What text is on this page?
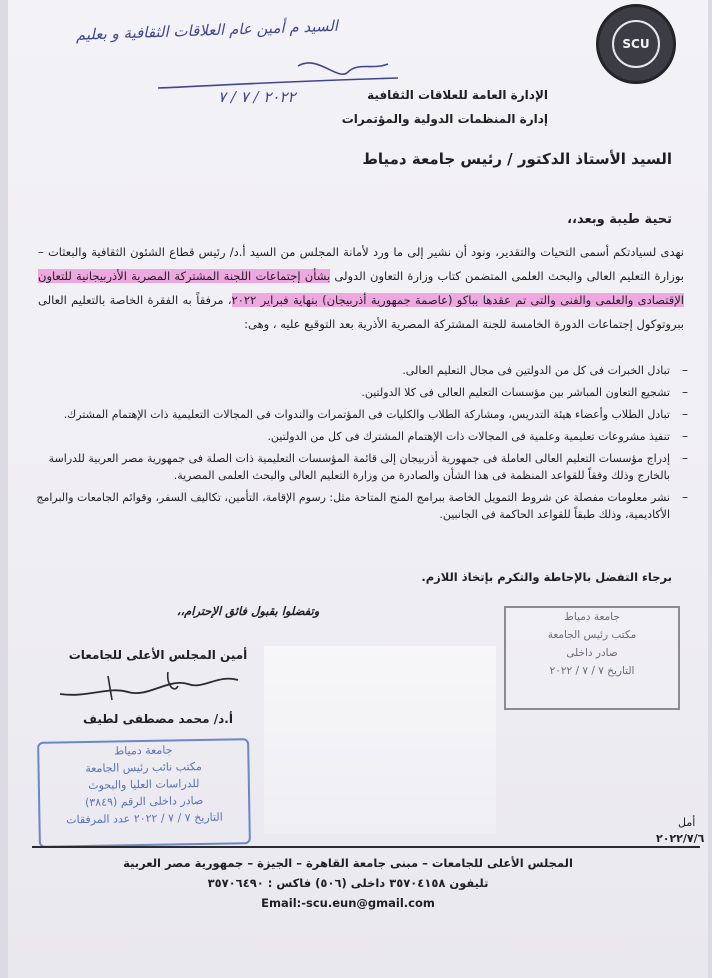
السيد م أمين عام العلاقات الثقافية و بعليم
٢٠٢٢ / ٧ / ٧
SCU
الإدارة العامة للعلاقات الثقافية
إدارة المنظمات الدولية والمؤتمرات
السيد الأستاذ الدكتور / رئيس جامعة دمياط
تحية طيبة وبعد،،
نهدى لسيادتكم أسمى التحيات والتقدير، ونود أن نشير إلى ما ورد لأمانة المجلس من السيد أ.د/ رئيس قطاع الشئون الثقافية والبعثات – بوزارة التعليم العالى والبحث العلمى المتضمن كتاب وزارة التعاون الدولى بشأن إجتماعات اللجنة المشتركة المصرية الأذربيجانية للتعاون الإقتصادى والعلمى والفنى والتى تم عقدها بباكو (عاصمة جمهورية أذربيجان) بنهاية فبراير ٢٠٢٢، مرفقاً به الفقرة الخاصة بالتعليم العالى ببروتوكول إجتماعات الدورة الخامسة للجنة المشتركة المصرية الأذرية بعد التوقيع عليه ، وهى:
–
تبادل الخبرات فى كل من الدولتين فى مجال التعليم العالى.
–
تشجيع التعاون المباشر بين مؤسسات التعليم العالى فى كلا الدولتين.
–
تبادل الطلاب وأعضاء هيئة التدريس، ومشاركة الطلاب والكليات فى المؤتمرات والندوات فى المجالات التعليمية ذات الإهتمام المشترك.
–
تنفيذ مشروعات تعليمية وعلمية فى المجالات ذات الإهتمام المشترك فى كل من الدولتين.
–
إدراج مؤسسات التعليم العالى العاملة فى جمهورية أذربيجان إلى قائمة المؤسسات التعليمية ذات الصلة فى جمهورية مصر العربية للدراسة بالخارج وذلك وفقاً للقواعد المنظمة فى هذا الشأن والصادرة من وزارة التعليم العالى والبحث العلمى المصرية.
–
نشر معلومات مفصلة عن شروط التمويل الخاصة ببرامج المنح المتاحة مثل: رسوم الإقامة، التأمين، تكاليف السفر، وقوائم الجامعات والبرامج الأكاديمية، وذلك طبقاً للقواعد الحاكمة فى الجانبين.
برجاء التفضل بالإحاطة والتكرم بإتخاذ اللازم.
وتفضلوا بقبول فائق الإحترام،،
أمين المجلس الأعلى للجامعات
أ.د/ محمد مصطفى لطيف
جامعة دمياط
مكتب رئيس الجامعة
صادر داخلى
التاريخ ٧ / ٧ / ٢٠٢٢
جامعة دمياط
مكتب نائب رئيس الجامعة
للدراسات العليا والبحوث
صادر داخلى الرقم (٣٨٤٩)
التاريخ ٧ / ٧ / ٢٠٢٢ عدد المرفقات	أمل
٢٠٢٢/٧/٦
المجلس الأعلى للجامعات – مبنى جامعة القاهرة – الجيزة – جمهورية مصر العربية
تليفون ٣٥٧٠٤١٥٨ داخلى (٥٠٦) فاكس : ٣٥٧٠٦٤٩٠
Email:-scu.eun@gmail.com
